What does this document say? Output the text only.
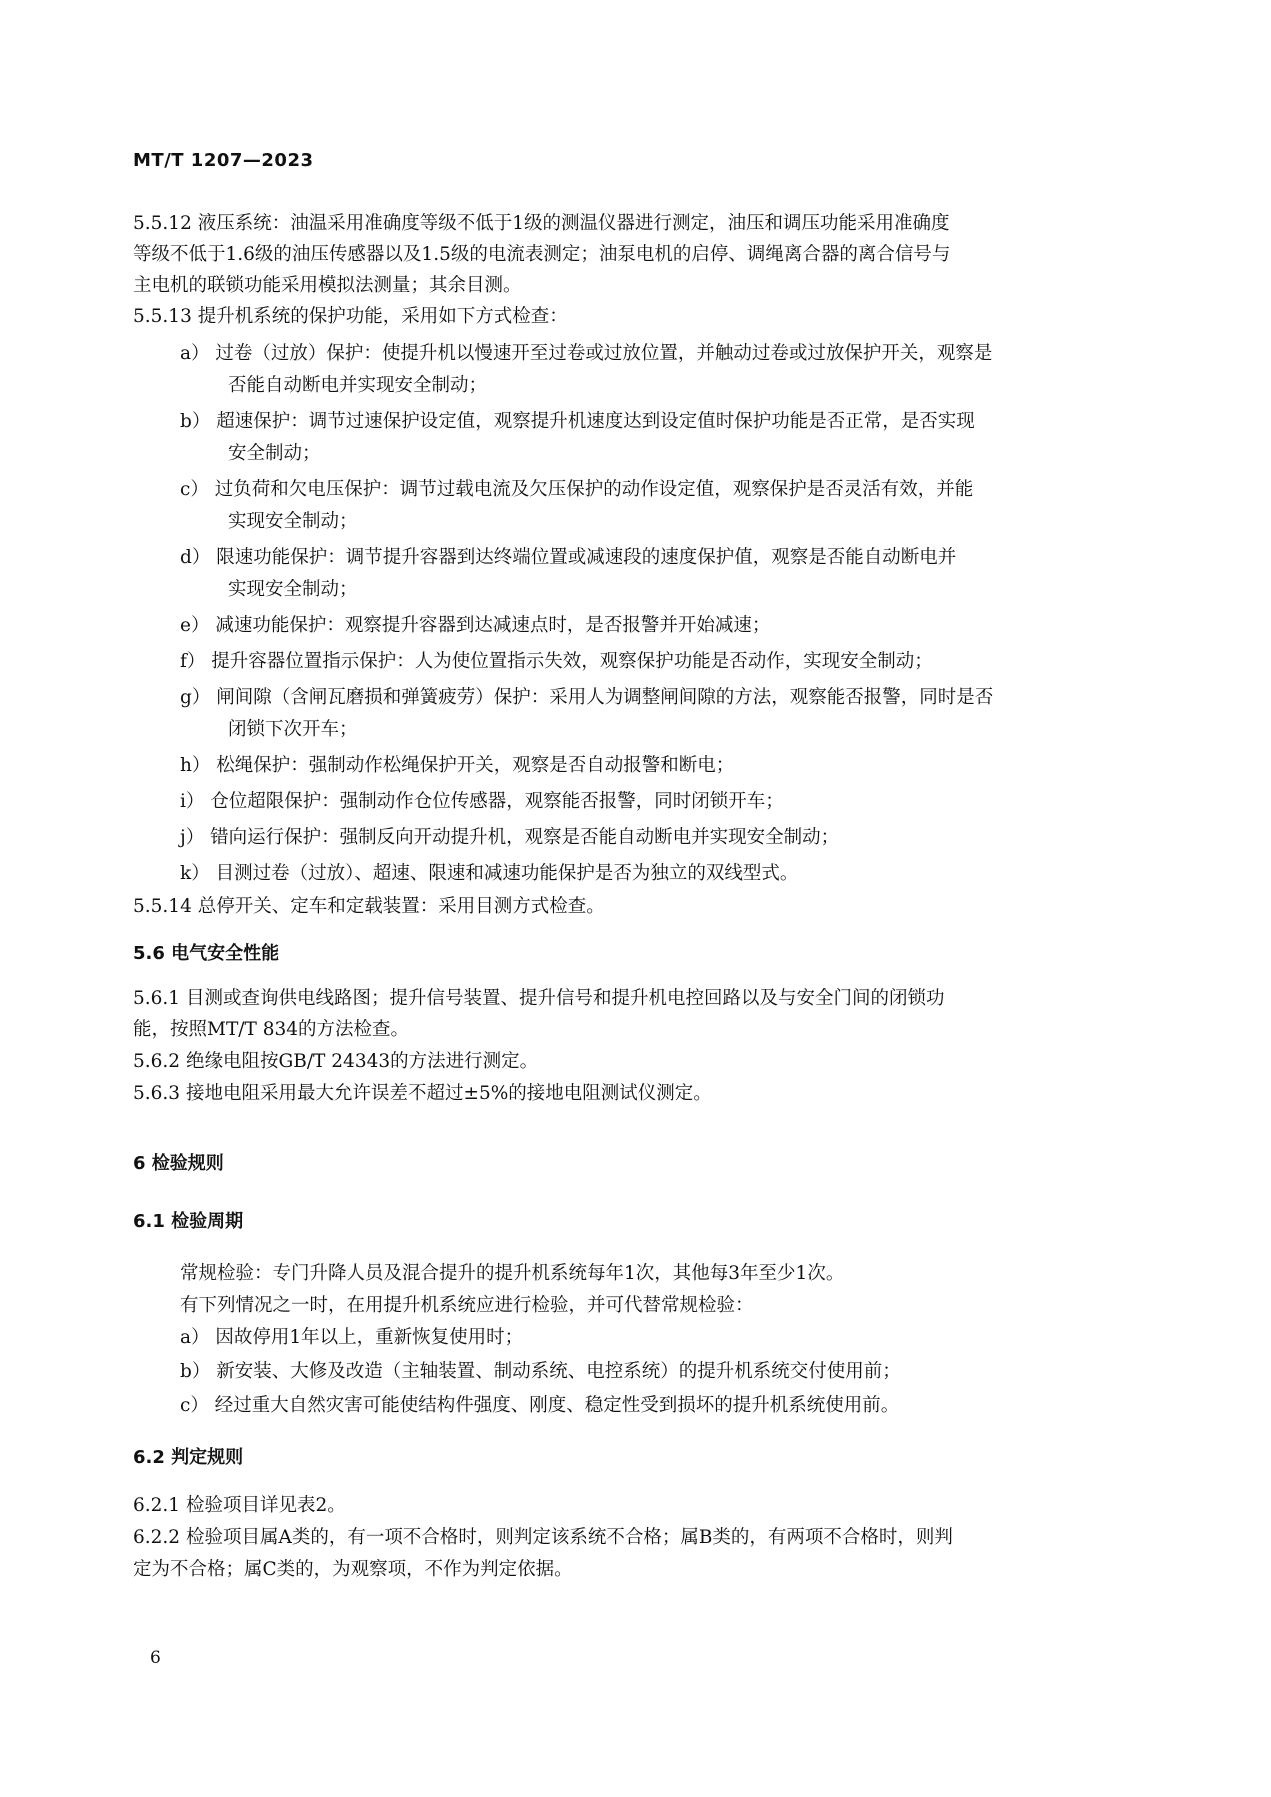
MT/T 1207—2023
5.5.12 液压系统：油温采用准确度等级不低于1级的测温仪器进行测定，油压和调压功能采用准确度
等级不低于1.6级的油压传感器以及1.5级的电流表测定；油泵电机的启停、调绳离合器的离合信号与
主电机的联锁功能采用模拟法测量；其余目测。
5.5.13 提升机系统的保护功能，采用如下方式检查：
a） 过卷（过放）保护：使提升机以慢速开至过卷或过放位置，并触动过卷或过放保护开关，观察是
否能自动断电并实现安全制动；
b） 超速保护：调节过速保护设定值，观察提升机速度达到设定值时保护功能是否正常，是否实现
安全制动；
c） 过负荷和欠电压保护：调节过载电流及欠压保护的动作设定值，观察保护是否灵活有效，并能
实现安全制动；
d） 限速功能保护：调节提升容器到达终端位置或减速段的速度保护值，观察是否能自动断电并
实现安全制动；
e） 减速功能保护：观察提升容器到达减速点时，是否报警并开始减速；
f） 提升容器位置指示保护：人为使位置指示失效，观察保护功能是否动作，实现安全制动；
g） 闸间隙（含闸瓦磨损和弹簧疲劳）保护：采用人为调整闸间隙的方法，观察能否报警，同时是否
闭锁下次开车；
h） 松绳保护：强制动作松绳保护开关，观察是否自动报警和断电；
i） 仓位超限保护：强制动作仓位传感器，观察能否报警，同时闭锁开车；
j） 错向运行保护：强制反向开动提升机，观察是否能自动断电并实现安全制动；
k） 目测过卷（过放）、超速、限速和减速功能保护是否为独立的双线型式。
5.5.14 总停开关、定车和定载装置：采用目测方式检查。
5.6 电气安全性能
5.6.1 目测或查询供电线路图；提升信号装置、提升信号和提升机电控回路以及与安全门间的闭锁功
能，按照MT/T 834的方法检查。
5.6.2 绝缘电阻按GB/T 24343的方法进行测定。
5.6.3 接地电阻采用最大允许误差不超过±5%的接地电阻测试仪测定。
6 检验规则
6.1 检验周期
常规检验：专门升降人员及混合提升的提升机系统每年1次，其他每3年至少1次。
有下列情况之一时，在用提升机系统应进行检验，并可代替常规检验：
a） 因故停用1年以上，重新恢复使用时；
b） 新安装、大修及改造（主轴装置、制动系统、电控系统）的提升机系统交付使用前；
c） 经过重大自然灾害可能使结构件强度、刚度、稳定性受到损坏的提升机系统使用前。
6.2 判定规则
6.2.1 检验项目详见表2。
6.2.2 检验项目属A类的，有一项不合格时，则判定该系统不合格；属B类的，有两项不合格时，则判
定为不合格；属C类的，为观察项，不作为判定依据。
6
